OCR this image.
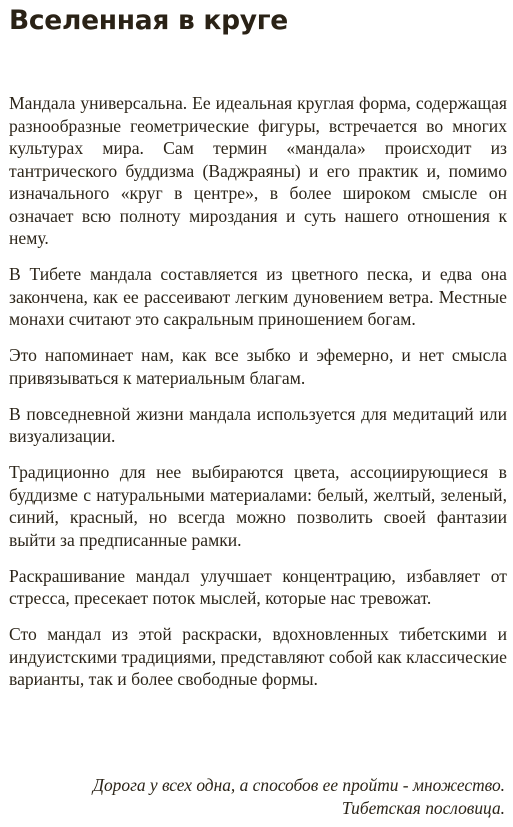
Вселенная в круге

Мандала универсальна. Ее идеальная круглая форма, содержащая разнообразные геометрические фигуры, встречается во многих культурах мира. Сам термин «мандала» происходит из тантрического буддизма (Ваджраяны) и его практик и, помимо изначального «круг в центре», в более широком смысле он означает всю полноту мироздания и суть нашего отношения к нему.

В Тибете мандала составляется из цветного песка, и едва она закончена, как ее рассеивают легким дуновением ветра. Местные монахи считают это сакральным приношением богам.

Это напоминает нам, как все зыбко и эфемерно, и нет смысла привязываться к материальным благам.

В повседневной жизни мандала используется для медитаций или визуализации.

Традиционно для нее выбираются цвета, ассоциирующиеся в буддизме с натуральными материалами: белый, желтый, зеленый, синий, красный, но всегда можно позволить своей фантазии выйти за предписанные рамки.

Раскрашивание мандал улучшает концентрацию, избавляет от стресса, пресекает поток мыслей, которые нас тревожат.

Сто мандал из этой раскраски, вдохновленных тибетскими и индуистскими традициями, представляют собой как классические варианты, так и более свободные формы.

Дорога у всех одна, а способов ее пройти - множество.
Тибетская пословица.
